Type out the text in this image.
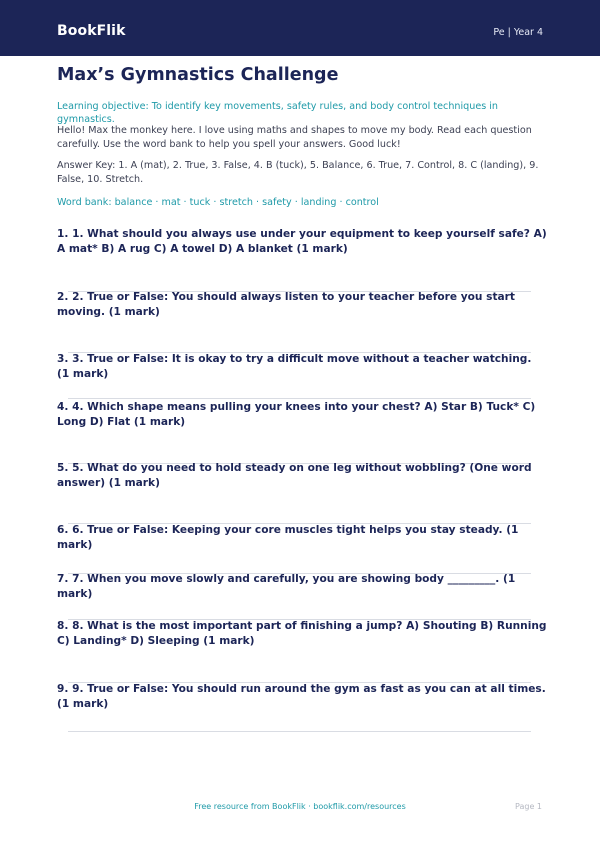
BookFlik	Pe | Year 4
Max’s Gymnastics Challenge
Learning objective: To identify key movements, safety rules, and body control techniques in gymnastics.
Hello! Max the monkey here. I love using maths and shapes to move my body. Read each question carefully. Use the word bank to help you spell your answers. Good luck!
Answer Key: 1. A (mat), 2. True, 3. False, 4. B (tuck), 5. Balance, 6. True, 7. Control, 8. C (landing), 9. False, 10. Stretch.
Word bank: balance · mat · tuck · stretch · safety · landing · control
1. 1. What should you always use under your equipment to keep yourself safe? A) A mat* B) A rug C) A towel D) A blanket (1 mark)
2. 2. True or False: You should always listen to your teacher before you start moving. (1 mark)
3. 3. True or False: It is okay to try a difficult move without a teacher watching. (1 mark)
4. 4. Which shape means pulling your knees into your chest? A) Star B) Tuck* C) Long D) Flat (1 mark)
5. 5. What do you need to hold steady on one leg without wobbling? (One word answer) (1 mark)
6. 6. True or False: Keeping your core muscles tight helps you stay steady. (1 mark)
7. 7. When you move slowly and carefully, you are showing body _________. (1 mark)
8. 8. What is the most important part of finishing a jump? A) Shouting B) Running C) Landing* D) Sleeping (1 mark)
9. 9. True or False: You should run around the gym as fast as you can at all times. (1 mark)
Free resource from BookFlik · bookflik.com/resources	Page 1
